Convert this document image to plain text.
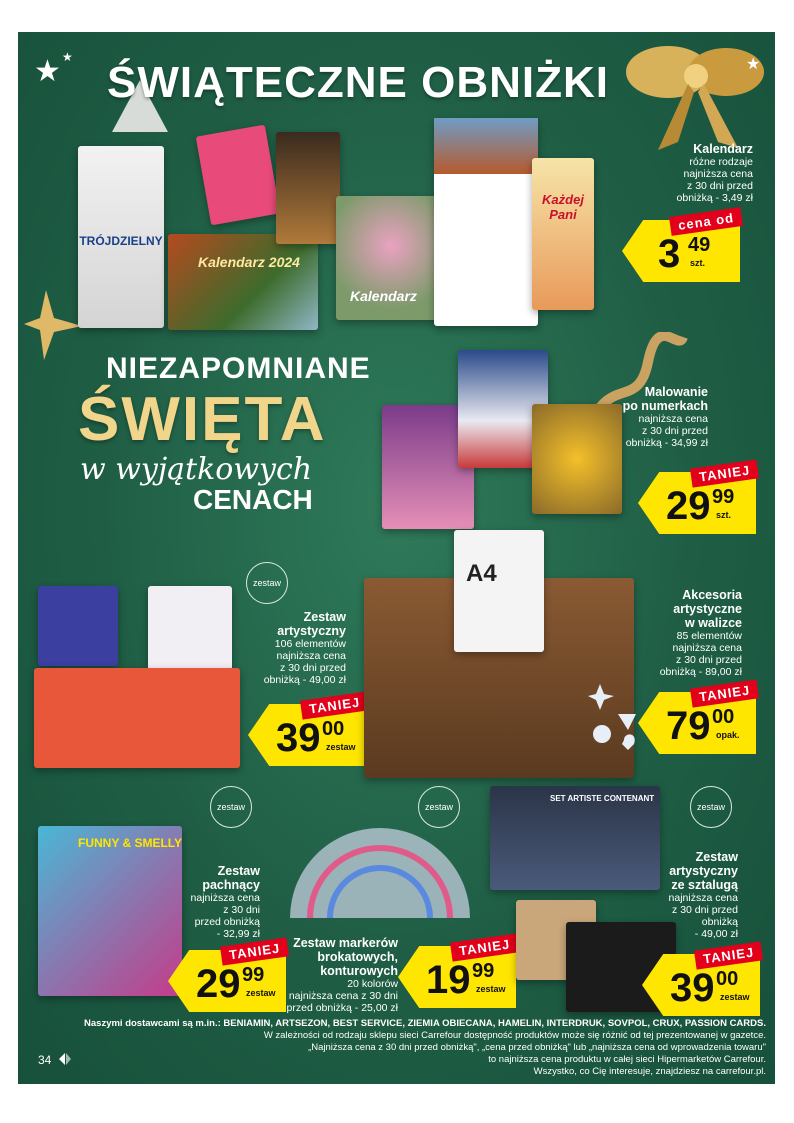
★ ★
ŚWIĄTECZNE OBNIŻKI	★
TRÓJDZIELNY
Kalendarz 2024
Kalendarz
Każdej Pani
Kalendarz
różne rodzaje
najniższa cena
z 30 dni przed
obniżką - 3,49 zł
cena od
3 49
szt.
NIEZAPOMNIANE
ŚWIĘTA
w wyjątkowych
CENACH
Malowanie
po numerkach
najniższa cena
z 30 dni przed
obniżką - 34,99 zł
TANIEJ
29 99
szt.
zestaw
Zestaw
artystyczny
106 elementów
najniższa cena
z 30 dni przed
obniżką - 49,00 zł
TANIEJ
39 00
zestaw
A4
Akcesoria
artystyczne
w walizce
85 elementów
najniższa cena
z 30 dni przed
obniżką - 89,00 zł
TANIEJ
79 00
opak.
zestaw	zestaw	zestaw
FUNNY & SMELLY
Zestaw
pachnący
najniższa cena
z 30 dni
przed obniżką
- 32,99 zł
TANIEJ
29 99
zestaw
Zestaw markerów
brokatowych,
konturowych
20 kolorów
najniższa cena z 30 dni
przed obniżką - 25,00 zł
TANIEJ
19 99
zestaw
SET ARTISTE CONTENANT
Zestaw
artystyczny
ze sztalugą
najniższa cena
z 30 dni przed
obniżką
- 49,00 zł
TANIEJ
39 00
zestaw
Naszymi dostawcami są m.in.: BENIAMIN, ARTSEZON, BEST SERVICE, ZIEMIA OBIECANA, HAMELIN, INTERDRUK, SOVPOL, CRUX, PASSION CARDS.
W zależności od rodzaju sklepu sieci Carrefour dostępność produktów może się różnić od tej prezentowanej w gazetce.
„Najniższa cena z 30 dni przed obniżką", „cena przed obniżką" lub „najniższa cena od wprowadzenia towaru"
to najniższa cena produktu w całej sieci Hipermarketów Carrefour.
Wszystko, co Cię interesuje, znajdziesz na carrefour.pl.
34
